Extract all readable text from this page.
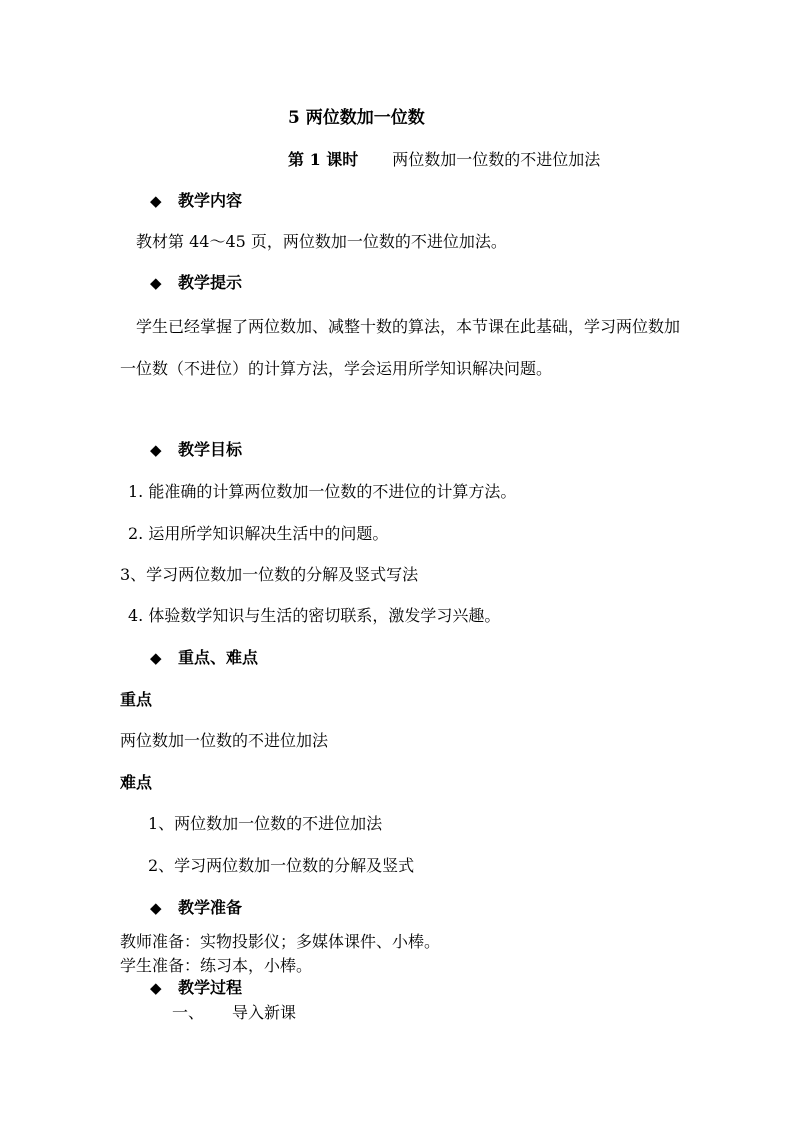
5 两位数加一位数
第 1 课时 两位数加一位数的不进位加法
◆ 教学内容
教材第 44～45 页，两位数加一位数的不进位加法。
◆ 教学提示
学生已经掌握了两位数加、减整十数的算法，本节课在此基础，学习两位数加一位数（不进位）的计算方法，学会运用所学知识解决问题。
◆ 教学目标
1. 能准确的计算两位数加一位数的不进位的计算方法。
2. 运用所学知识解决生活中的问题。
3、学习两位数加一位数的分解及竖式写法
4. 体验数学知识与生活的密切联系，激发学习兴趣。
◆ 重点、难点
重点
两位数加一位数的不进位加法
难点
1、两位数加一位数的不进位加法
2、学习两位数加一位数的分解及竖式
◆ 教学准备
教师准备：实物投影仪；多媒体课件、小棒。
学生准备：练习本，小棒。
◆ 教学过程
一、 导入新课
